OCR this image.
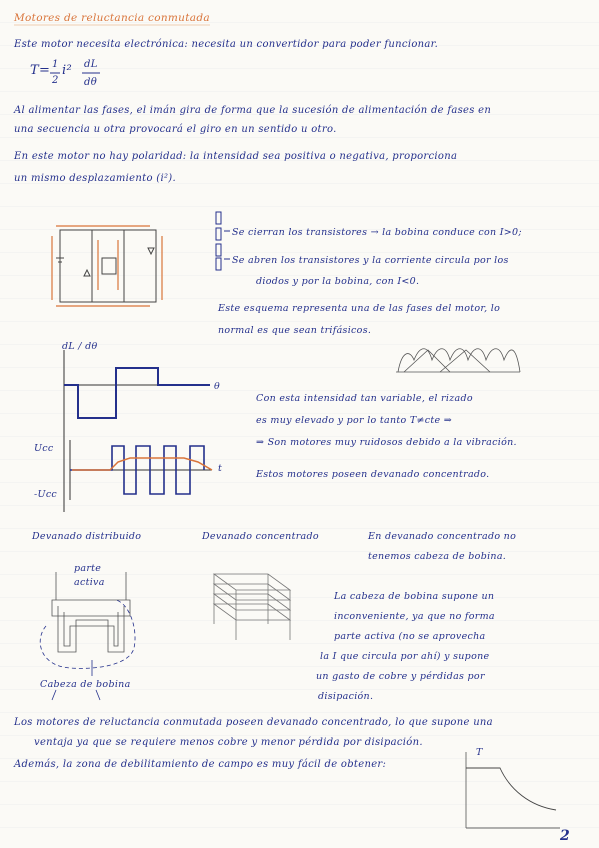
Motores de reluctancia conmutada
Este motor necesita electrónica: necesita un convertidor para poder funcionar.
T= 1
2
i² dL
dθ
Al alimentar las fases, el imán gira de forma que la sucesión de alimentación de fases en
una secuencia u otra provocará el giro en un sentido u otro.
En este motor no hay polaridad: la intensidad sea positiva o negativa, proporciona
un mismo desplazamiento (i²).
Se cierran los transistores → la bobina conduce con I>0;
Se abren los transistores y la corriente circula por los
diodos y por la bobina, con I<0.
Este esquema representa una de las fases del motor, lo
normal es que sean trifásicos.
dL / dθ
θ
Ucc
-Ucc
t
Con esta intensidad tan variable, el rizado
es muy elevado y por lo tanto T≠cte ⇒
⇒ Son motores muy ruidosos debido a la vibración.
Estos motores poseen devanado concentrado.
Devanado distribuido	Devanado concentrado	En devanado concentrado no
tenemos cabeza de bobina.
parte
activa
Cabeza de bobina
La cabeza de bobina supone un
inconveniente, ya que no forma
parte activa (no se aprovecha
la I que circula por ahí) y supone
un gasto de cobre y pérdidas por
disipación.
Los motores de reluctancia conmutada poseen devanado concentrado, lo que supone una
ventaja ya que se requiere menos cobre y menor pérdida por disipación.
Además, la zona de debilitamiento de campo es muy fácil de obtener:
T
2
